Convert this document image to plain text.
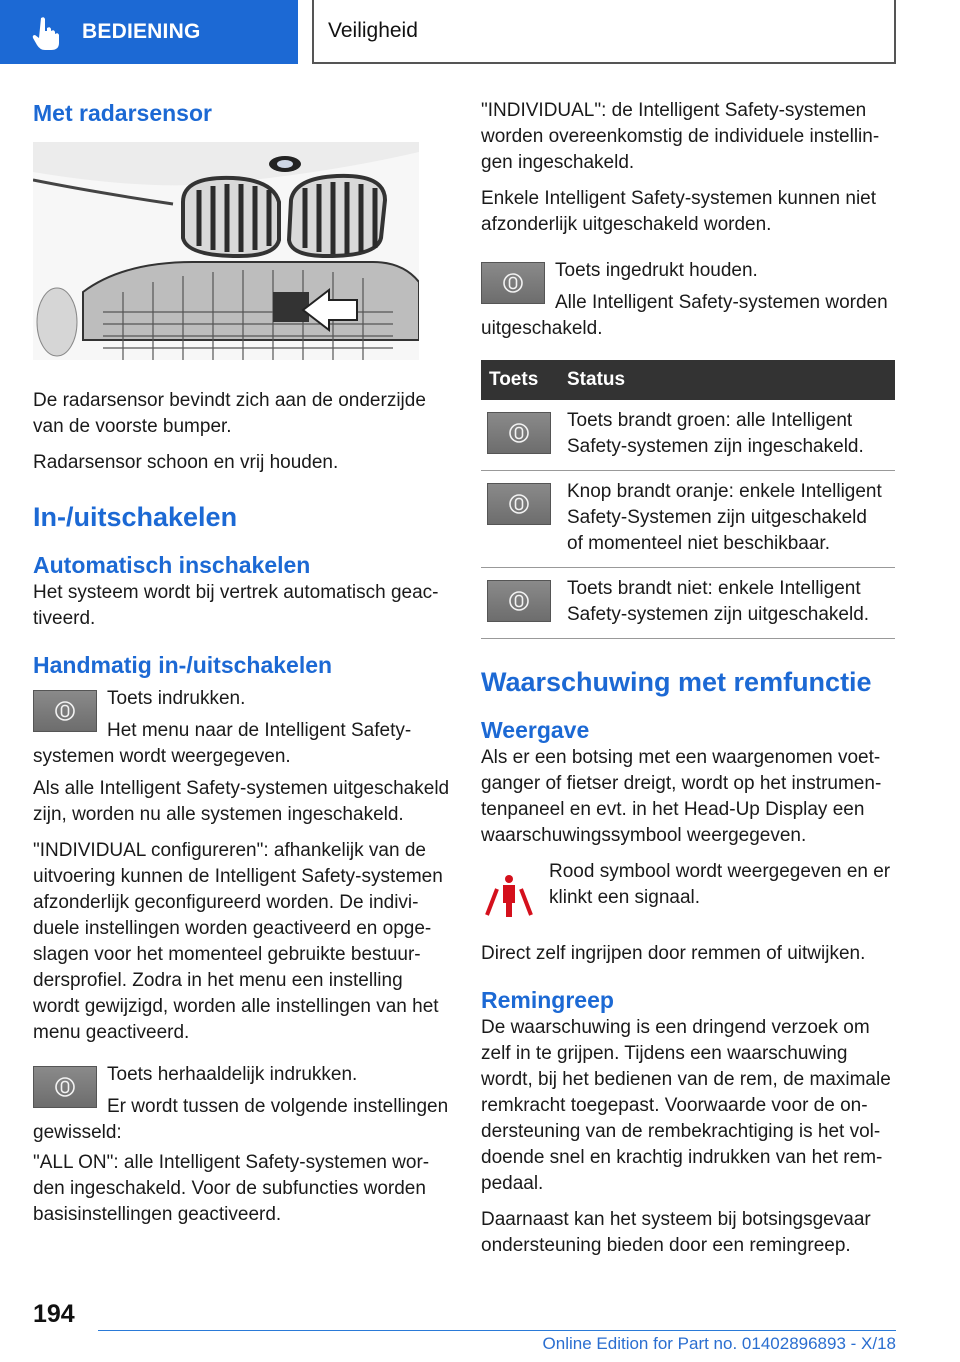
BEDIENING	Veiligheid
Met radarsensor
De radarsensor bevindt zich aan de onderzijde van de voorste bumper.
Radarsensor schoon en vrij houden.
In-/uitschakelen
Automatisch inschakelen
Het systeem wordt bij vertrek automatisch geactiveerd.
Handmatig in-/uitschakelen
Toets indrukken.
Het menu naar de Intelligent Safety-systemen wordt weergegeven.
Als alle Intelligent Safety-systemen uitgeschakeld zijn, worden nu alle systemen ingeschakeld.
"INDIVIDUAL configureren": afhankelijk van de uitvoering kunnen de Intelligent Safety-systemen afzonderlijk geconfigureerd worden. De individuele instellingen worden geactiveerd en opgeslagen voor het momenteel gebruikte bestuurdersprofiel. Zodra in het menu een instelling wordt gewijzigd, worden alle instellingen van het menu geactiveerd.
Toets herhaaldelijk indrukken.
Er wordt tussen de volgende instellingen gewisseld:
"ALL ON": alle Intelligent Safety-systemen worden ingeschakeld. Voor de subfuncties worden basisinstellingen geactiveerd.
"INDIVIDUAL": de Intelligent Safety-systemen worden overeenkomstig de individuele instellingen ingeschakeld.
Enkele Intelligent Safety-systemen kunnen niet afzonderlijk uitgeschakeld worden.
Toets ingedrukt houden.
Alle Intelligent Safety-systemen worden uitgeschakeld.
Toets	Status

	Toets brandt groen: alle Intelligent Safety-systemen zijn ingeschakeld.

	Knop brandt oranje: enkele Intelligent Safety-Systemen zijn uitgeschakeld of momenteel niet beschikbaar.

	Toets brandt niet: enkele Intelligent Safety-systemen zijn uitgeschakeld.
Waarschuwing met remfunctie
Weergave
Als er een botsing met een waargenomen voetganger of fietser dreigt, wordt op het instrumentenpaneel en evt. in het Head-Up Display een waarschuwingssymbool weergegeven.
Rood symbool wordt weergegeven en er klinkt een signaal.
Direct zelf ingrijpen door remmen of uitwijken.
Remingreep
De waarschuwing is een dringend verzoek om zelf in te grijpen. Tijdens een waarschuwing wordt, bij het bedienen van de rem, de maximale remkracht toegepast. Voorwaarde voor de ondersteuning van de rembekrachtiging is het voldoende snel en krachtig indrukken van het rempedaal.
Daarnaast kan het systeem bij botsingsgevaar ondersteuning bieden door een remingreep.
194
Online Edition for Part no. 01402896893 - X/18
